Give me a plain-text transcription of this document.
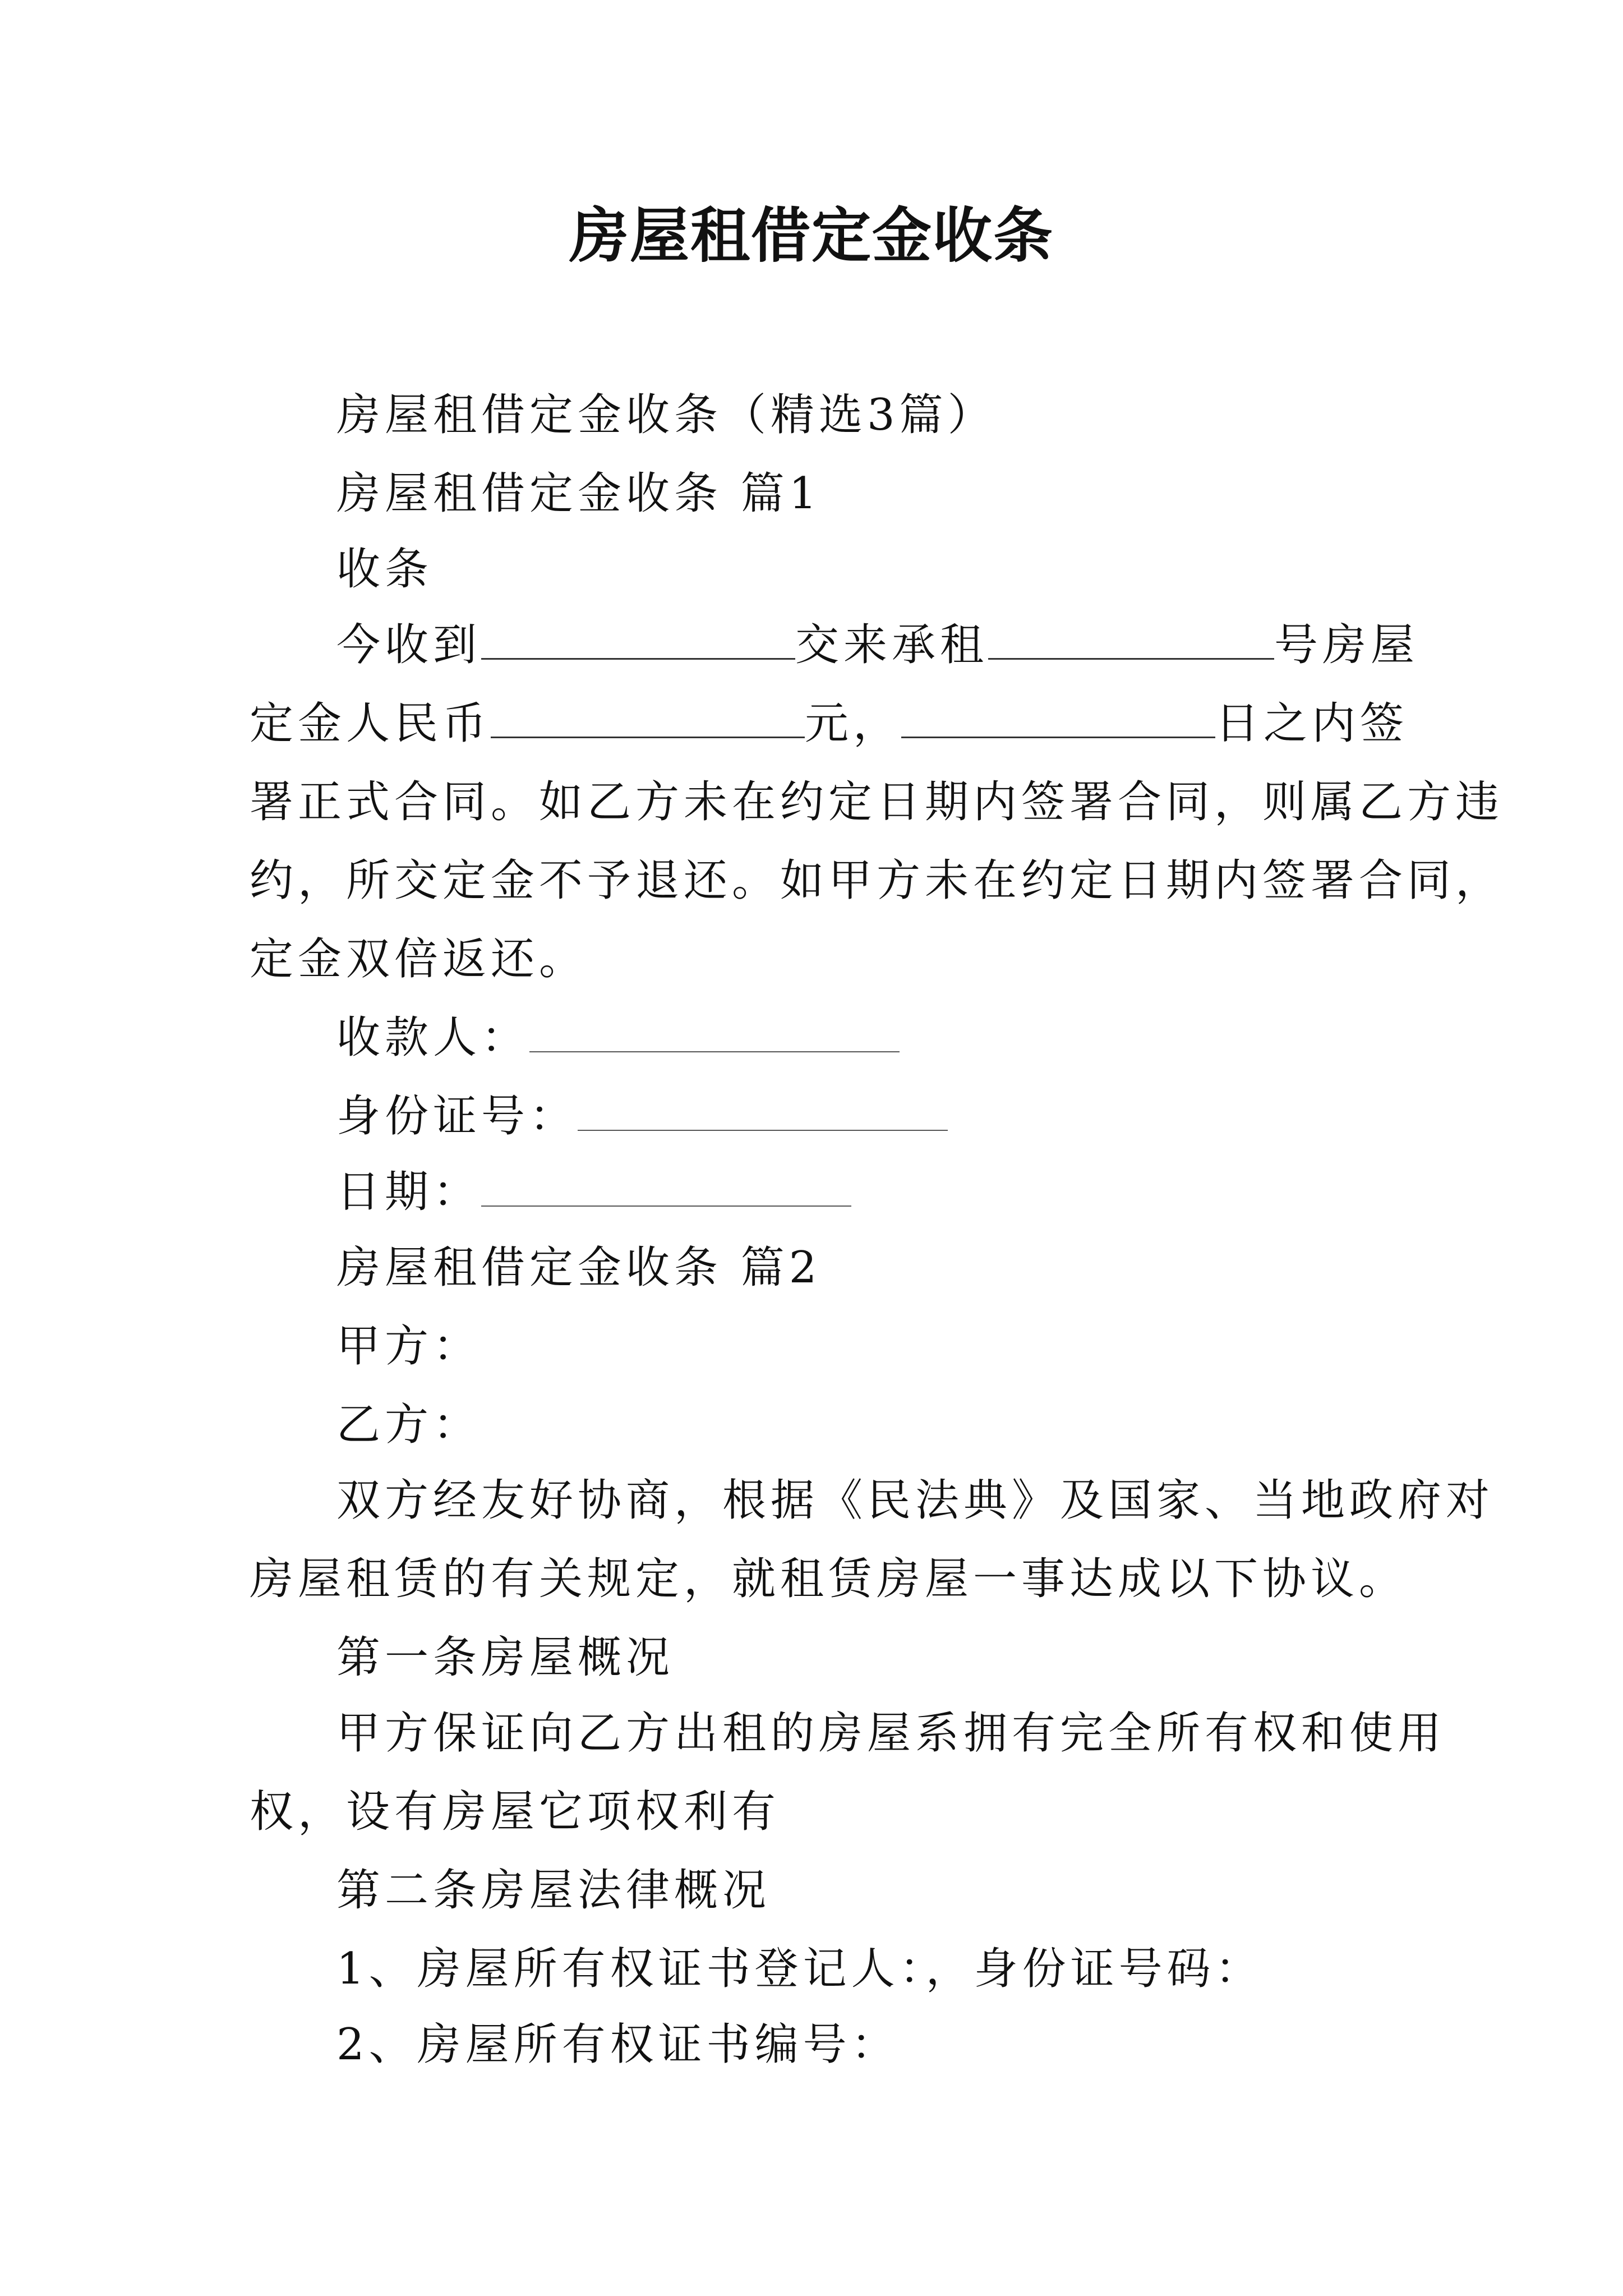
房屋租借定金收条
房屋租借定金收条（精选3篇）
房屋租借定金收条 篇1
收条
今收到	交来承租	号房屋
定金人民币	元，	日之内签
署正式合同。如乙方未在约定日期内签署合同，则属乙方违
约，所交定金不予退还。如甲方未在约定日期内签署合同，
定金双倍返还。
收款人：
身份证号：
日期：
房屋租借定金收条 篇2
甲方：
乙方：
双方经友好协商，根据《民法典》及国家、当地政府对
房屋租赁的有关规定，就租赁房屋一事达成以下协议。
第一条房屋概况
甲方保证向乙方出租的房屋系拥有完全所有权和使用
权，设有房屋它项权利有
第二条房屋法律概况
1、房屋所有权证书登记人：，身份证号码：
2、房屋所有权证书编号：
